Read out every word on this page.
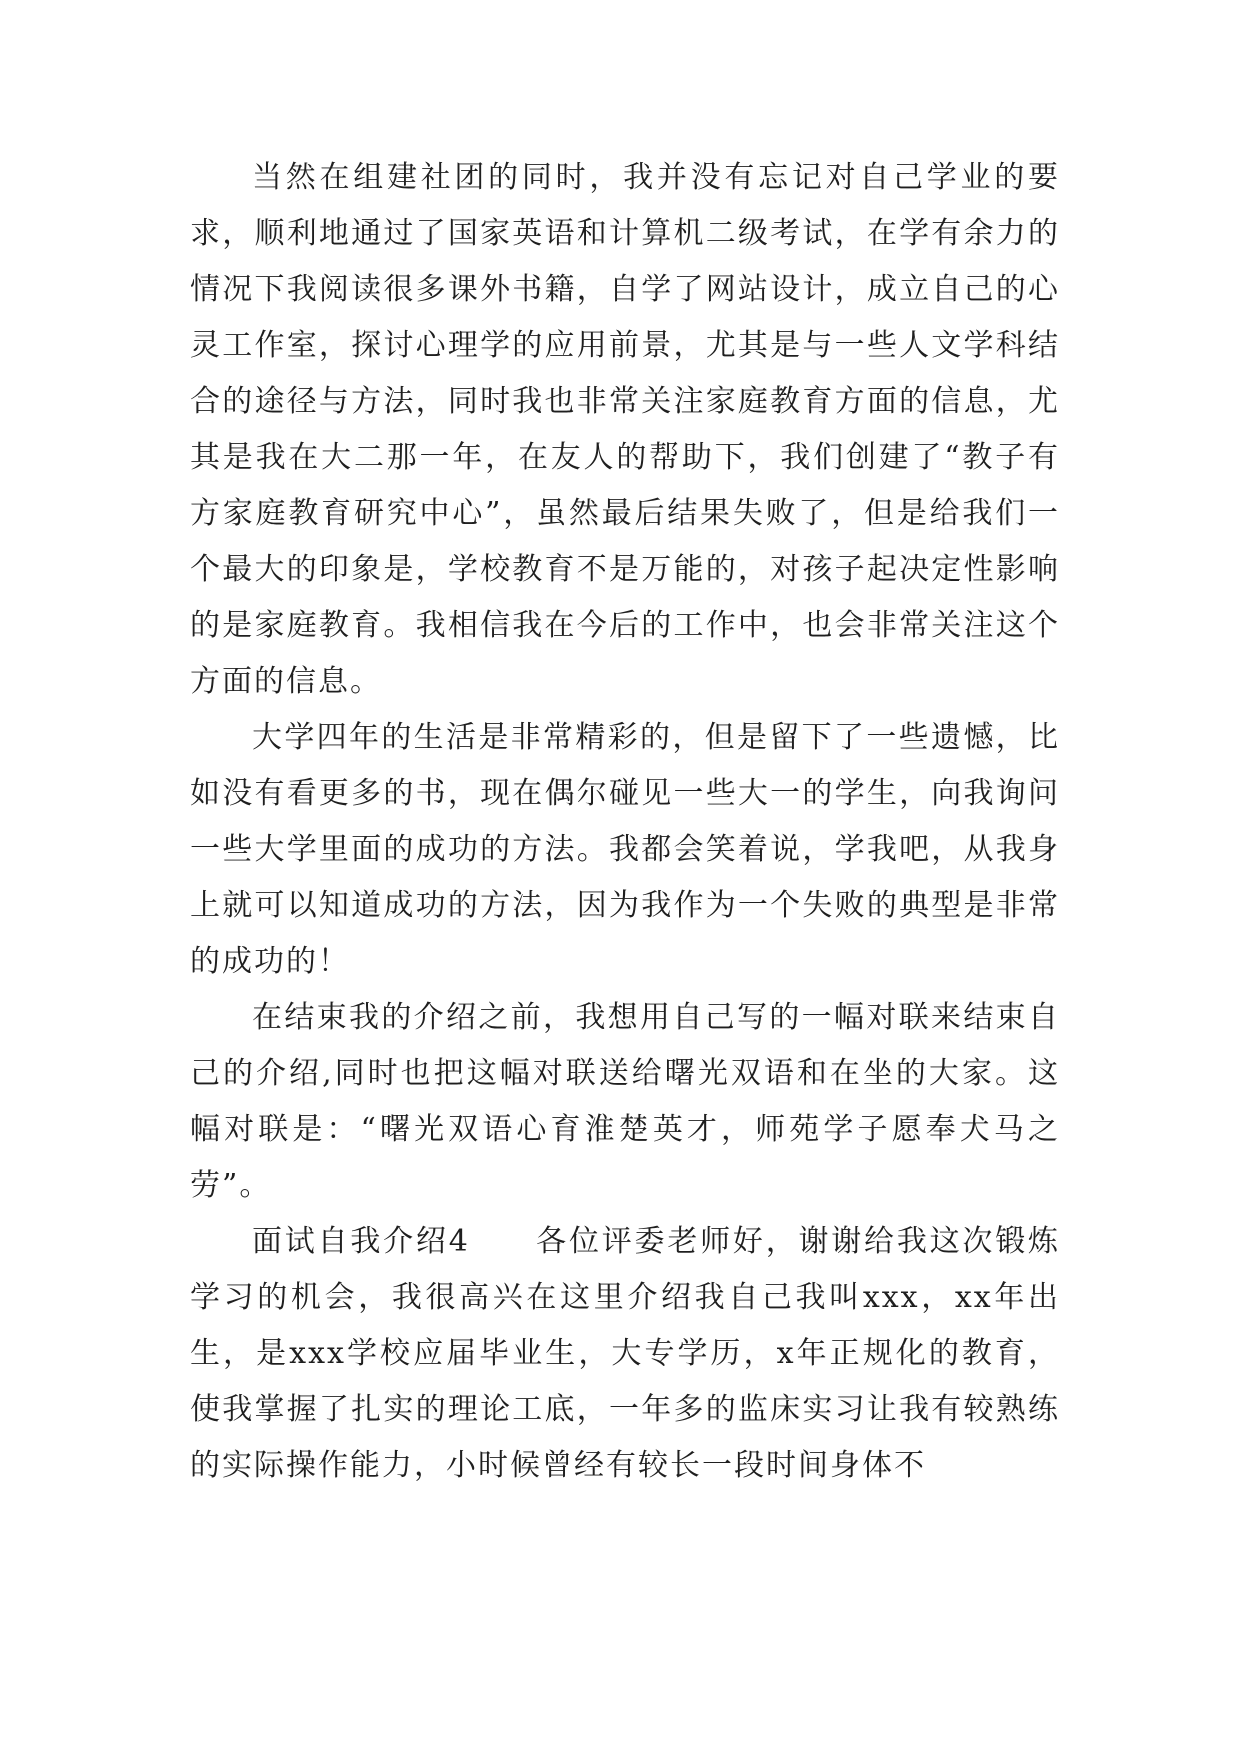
当然在组建社团的同时，我并没有忘记对自己学业的要求，顺利地通过了国家英语和计算机二级考试，在学有余力的情况下我阅读很多课外书籍，自学了网站设计，成立自己的心灵工作室，探讨心理学的应用前景，尤其是与一些人文学科结合的途径与方法，同时我也非常关注家庭教育方面的信息，尤其是我在大二那一年，在友人的帮助下，我们创建了“教子有方家庭教育研究中心”，虽然最后结果失败了，但是给我们一个最大的印象是，学校教育不是万能的，对孩子起决定性影响的是家庭教育。我相信我在今后的工作中，也会非常关注这个方面的信息。

大学四年的生活是非常精彩的，但是留下了一些遗憾，比如没有看更多的书，现在偶尔碰见一些大一的学生，向我询问一些大学里面的成功的方法。我都会笑着说，学我吧，从我身上就可以知道成功的方法，因为我作为一个失败的典型是非常的成功的！

在结束我的介绍之前，我想用自己写的一幅对联来结束自己的介绍,同时也把这幅对联送给曙光双语和在坐的大家。这幅对联是：“曙光双语心育淮楚英才，师苑学子愿奉犬马之劳”。

面试自我介绍4　　各位评委老师好，谢谢给我这次锻炼学习的机会，我很高兴在这里介绍我自己我叫xxx，xx年出生，是xxx学校应届毕业生，大专学历，x年正规化的教育，使我掌握了扎实的理论工底，一年多的监床实习让我有较熟练的实际操作能力，小时候曾经有较长一段时间身体不
